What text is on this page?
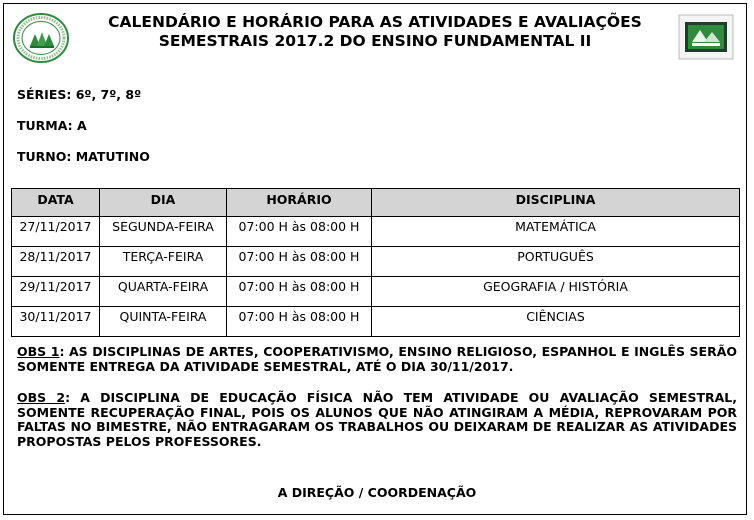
CALENDÁRIO E HORÁRIO PARA AS ATIVIDADES E AVALIAÇÕES
SEMESTRAIS 2017.2 DO ENSINO FUNDAMENTAL II
SÉRIES: 6º, 7º, 8º
TURMA: A
TURNO: MATUTINO
DATA	DIA	HORÁRIO	DISCIPLINA
27/11/2017	SEGUNDA-FEIRA	07:00 H às 08:00 H	MATEMÁTICA
28/11/2017	TERÇA-FEIRA	07:00 H às 08:00 H	PORTUGUÊS
29/11/2017	QUARTA-FEIRA	07:00 H às 08:00 H	GEOGRAFIA / HISTÓRIA
30/11/2017	QUINTA-FEIRA	07:00 H às 08:00 H	CIÊNCIAS
OBS 1: AS DISCIPLINAS DE ARTES, COOPERATIVISMO, ENSINO RELIGIOSO, ESPANHOL E INGLÊS SERÃO SOMENTE ENTREGA DA ATIVIDADE SEMESTRAL, ATÉ O DIA 30/11/2017.
OBS 2: A DISCIPLINA DE EDUCAÇÃO FÍSICA NÃO TEM ATIVIDADE OU AVALIAÇÃO SEMESTRAL, SOMENTE RECUPERAÇÃO FINAL, POIS OS ALUNOS QUE NÃO ATINGIRAM A MÉDIA, REPROVARAM POR FALTAS NO BIMESTRE, NÃO ENTRAGARAM OS TRABALHOS OU DEIXARAM DE REALIZAR AS ATIVIDADES PROPOSTAS PELOS PROFESSORES.
A DIREÇÃO / COORDENAÇÃO
